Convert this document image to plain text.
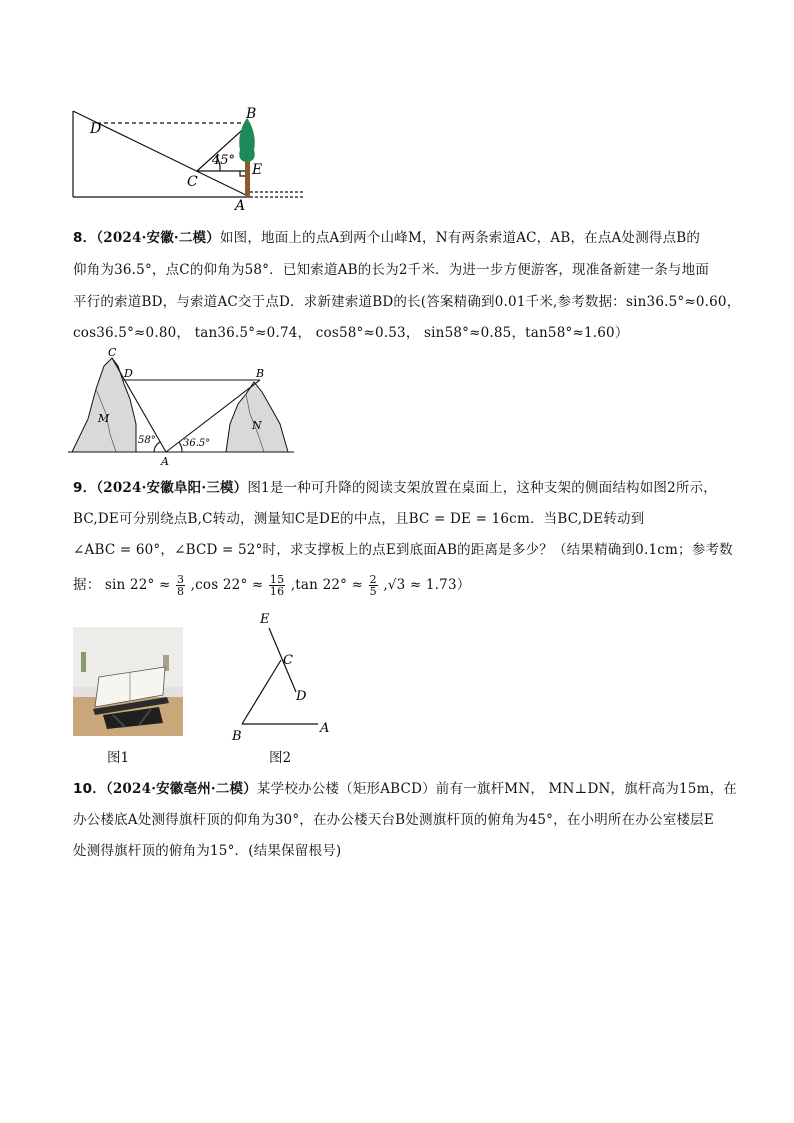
B
D
C
E
A
45°
8．（2024·安徽·二模）如图，地面上的点A到两个山峰M，N有两条索道AC，AB，在点A处测得点B的
仰角为36.5°，点C的仰角为58°．已知索道AB的长为2千米．为进一步方便游客，现准备新建一条与地面
平行的索道BD，与索道AC交于点D．求新建索道BD的长(答案精确到0.01千米,参考数据：sin36.5°≈0.60，
cos36.5°≈0.80， tan36.5°≈0.74， cos58°≈0.53， sin58°≈0.85，tan58°≈1.60）
C
D	B
M
N
A
58°	36.5°
9．（2024·安徽阜阳·三模）图1是一种可升降的阅读支架放置在桌面上，这种支架的侧面结构如图2所示，
BC,DE可分别绕点B,C转动，测量知C是DE的中点，且BC = DE = 16cm．当BC,DE转动到
∠ABC = 60°，∠BCD = 52°时，求支撑板上的点E到底面AB的距离是多少？（结果精确到0.1cm；参考数
据： $\sin 22^\circ \approx \frac{3}{8} ,\cos$ $22^\circ \approx \frac{15}{16} ,\tan$ $22^\circ \approx \frac{2}{5} ,√3 \approx 1.73$）
图1
E
C
D
B
A
图2
10．（2024·安徽亳州·二模）某学校办公楼（矩形ABCD）前有一旗杆MN， MN⊥DN，旗杆高为15m，在
办公楼底A处测得旗杆顶的仰角为30°，在办公楼天台B处测旗杆顶的俯角为45°，在小明所在办公室楼层E
处测得旗杆顶的俯角为15°．(结果保留根号)
